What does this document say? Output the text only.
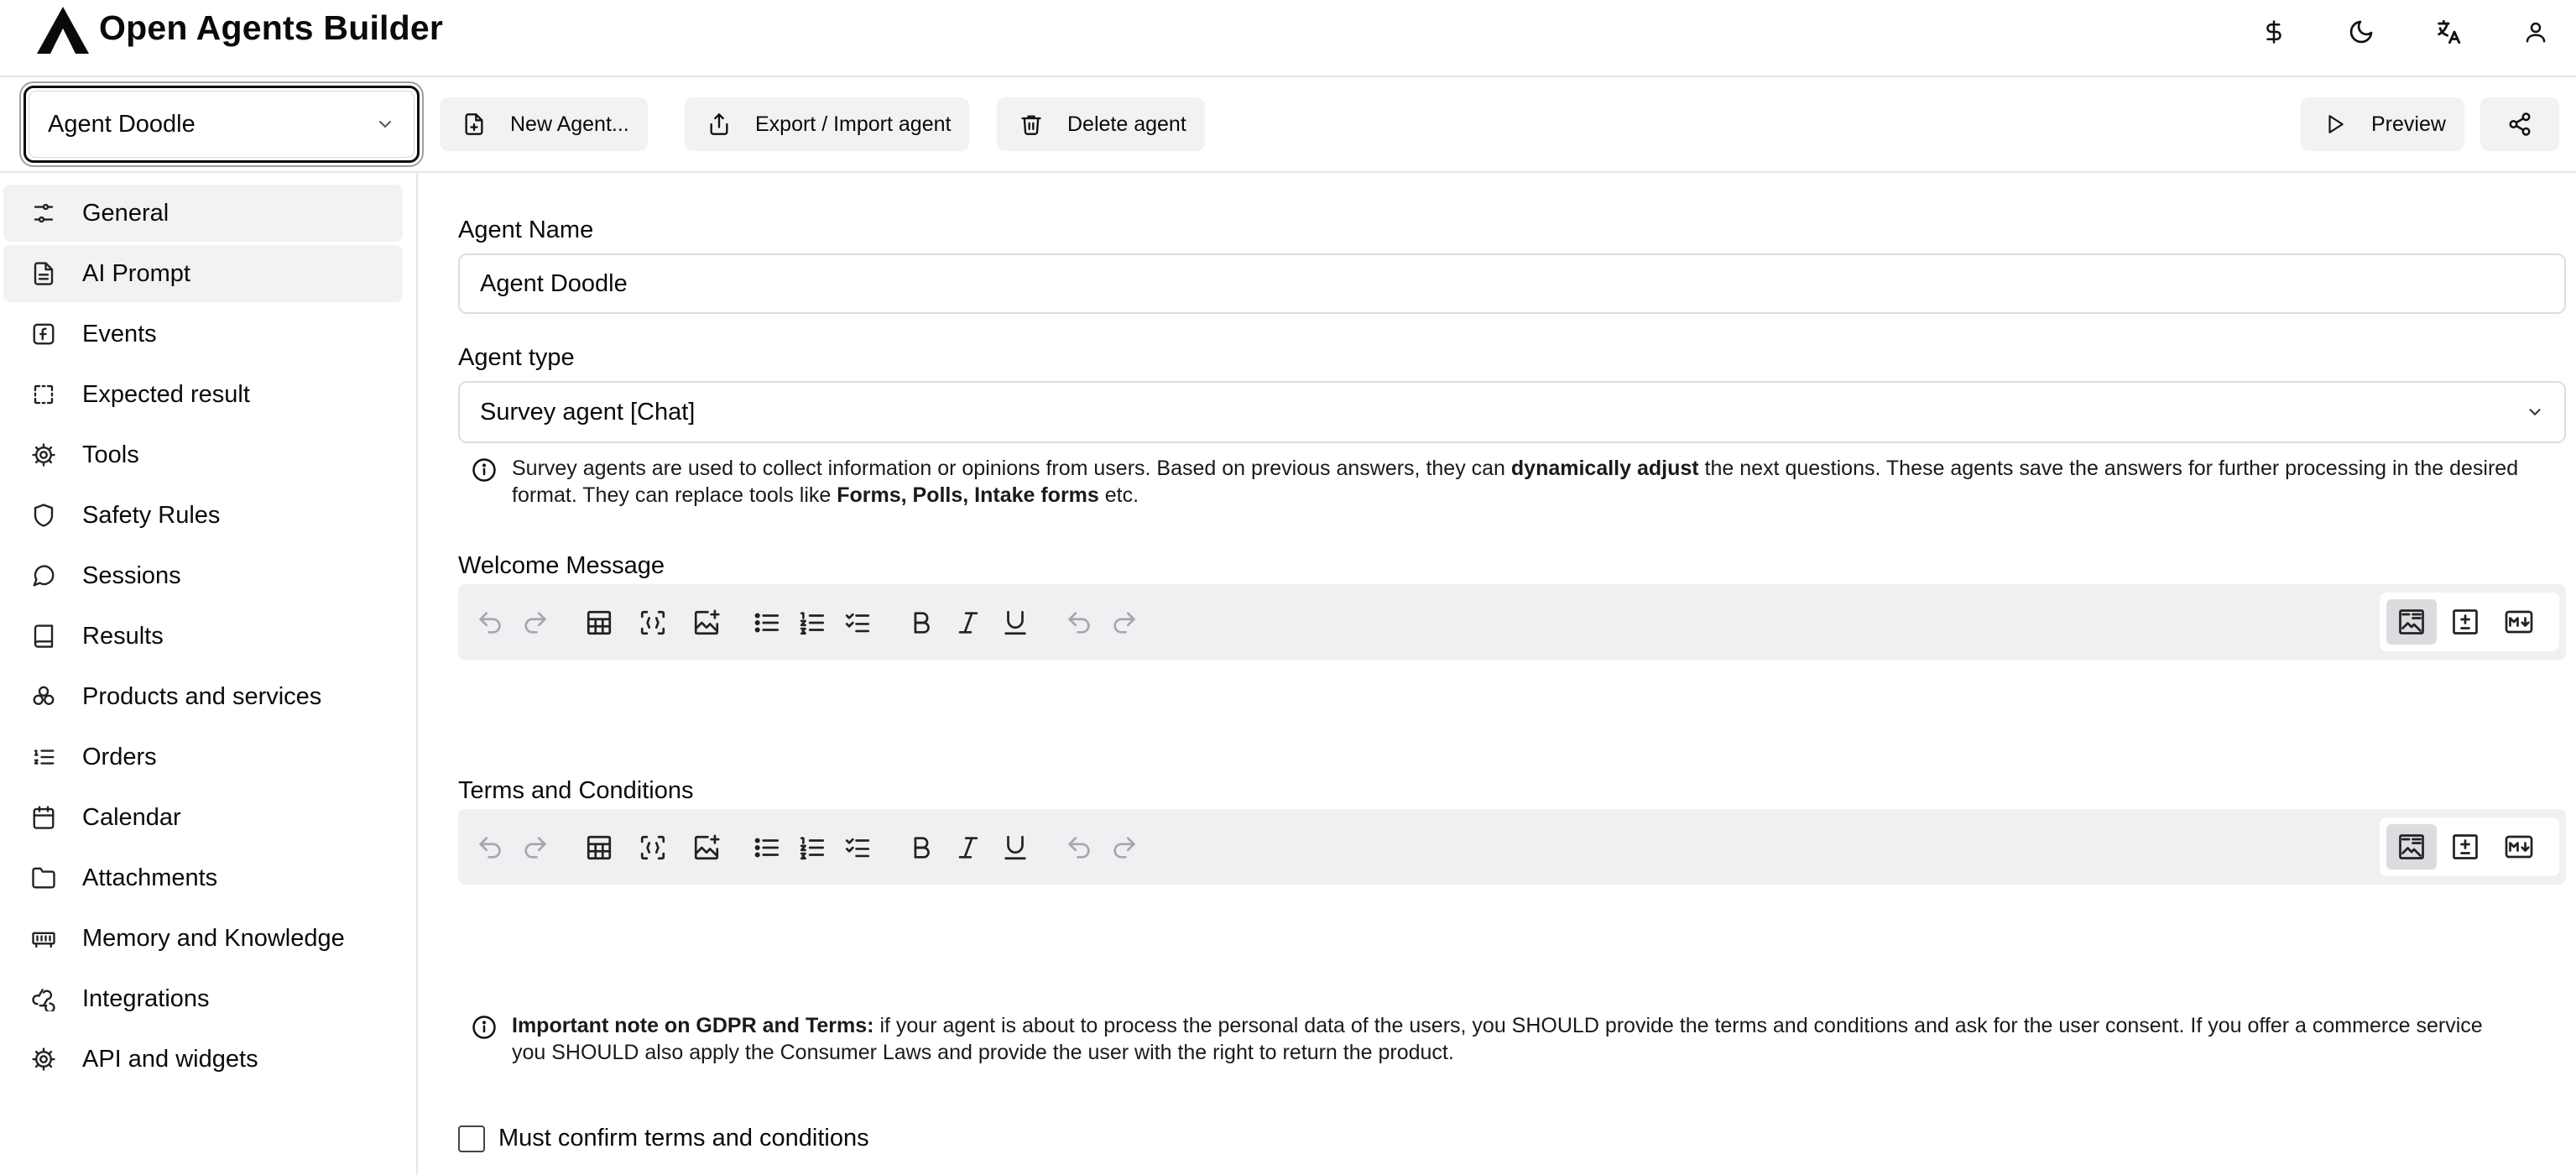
Open Agents Builder
Agent Doodle	New Agent...	Export / Import agent	Delete agent	Preview
General
AI Prompt
Events
Expected result
Tools
Safety Rules
Sessions
Results
Products and services
Orders
Calendar
Attachments
Memory and Knowledge
Integrations
API and widgets
Agent Name
Agent Doodle
Agent type
Survey agent [Chat]
Survey agents are used to collect information or opinions from users. Based on previous answers, they can dynamically adjust the next questions. These agents save the answers for further processing in the desired format. They can replace tools like Forms, Polls, Intake forms etc.
Welcome Message
Terms and Conditions
Important note on GDPR and Terms: if your agent is about to process the personal data of the users, you SHOULD provide the terms and conditions and ask for the user consent. If you offer a commerce service you SHOULD also apply the Consumer Laws and provide the user with the right to return the product.
Must confirm terms and conditions
